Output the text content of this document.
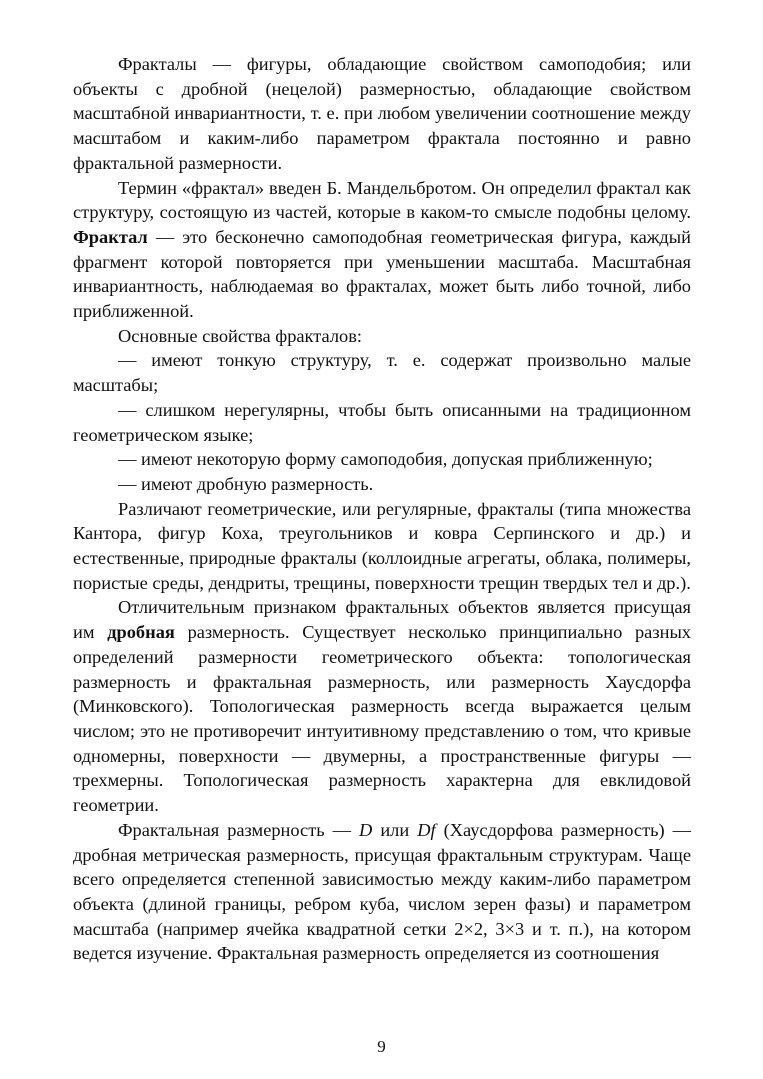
Фракталы — фигуры, обладающие свойством самоподобия; или объекты с дробной (нецелой) размерностью, обладающие свойством масштабной инвариантности, т. е. при любом увеличении соотношение между масштабом и каким-либо параметром фрактала постоянно и равно фрактальной размерности.

Термин «фрактал» введен Б. Мандельбротом. Он определил фрактал как структуру, состоящую из частей, которые в каком-то смысле подобны целому. Фрактал — это бесконечно самоподобная геометрическая фигура, каждый фрагмент которой повторяется при уменьшении масштаба. Масштабная инвариантность, наблюдаемая во фракталах, может быть либо точной, либо приближенной.

Основные свойства фракталов:

— имеют тонкую структуру, т. е. содержат произвольно малые масштабы;

— слишком нерегулярны, чтобы быть описанными на традиционном геометрическом языке;

— имеют некоторую форму самоподобия, допуская приближенную;

— имеют дробную размерность.

Различают геометрические, или регулярные, фракталы (типа множества Кантора, фигур Коха, треугольников и ковра Серпинского и др.) и естественные, природные фракталы (коллоидные агрегаты, облака, полимеры, пористые среды, дендриты, трещины, поверхности трещин твердых тел и др.).

Отличительным признаком фрактальных объектов является присущая им дробная размерность. Существует несколько принципиально разных определений размерности геометрического объекта: топологическая размерность и фрактальная размерность, или размерность Хаусдорфа (Минковского). Топологическая размерность всегда выражается целым числом; это не противоречит интуитивному представлению о том, что кривые одномерны, поверхности — двумерны, а пространственные фигуры — трехмерны. Топологическая размерность характерна для евклидовой геометрии.

Фрактальная размерность — D или Df (Хаусдорфова размерность) — дробная метрическая размерность, присущая фрактальным структурам. Чаще всего определяется степенной зависимостью между каким-либо параметром объекта (длиной границы, ребром куба, числом зерен фазы) и параметром масштаба (например ячейка квадратной сетки 2×2, 3×3 и т. п.), на котором ведется изучение. Фрактальная размерность определяется из соотношения

9
